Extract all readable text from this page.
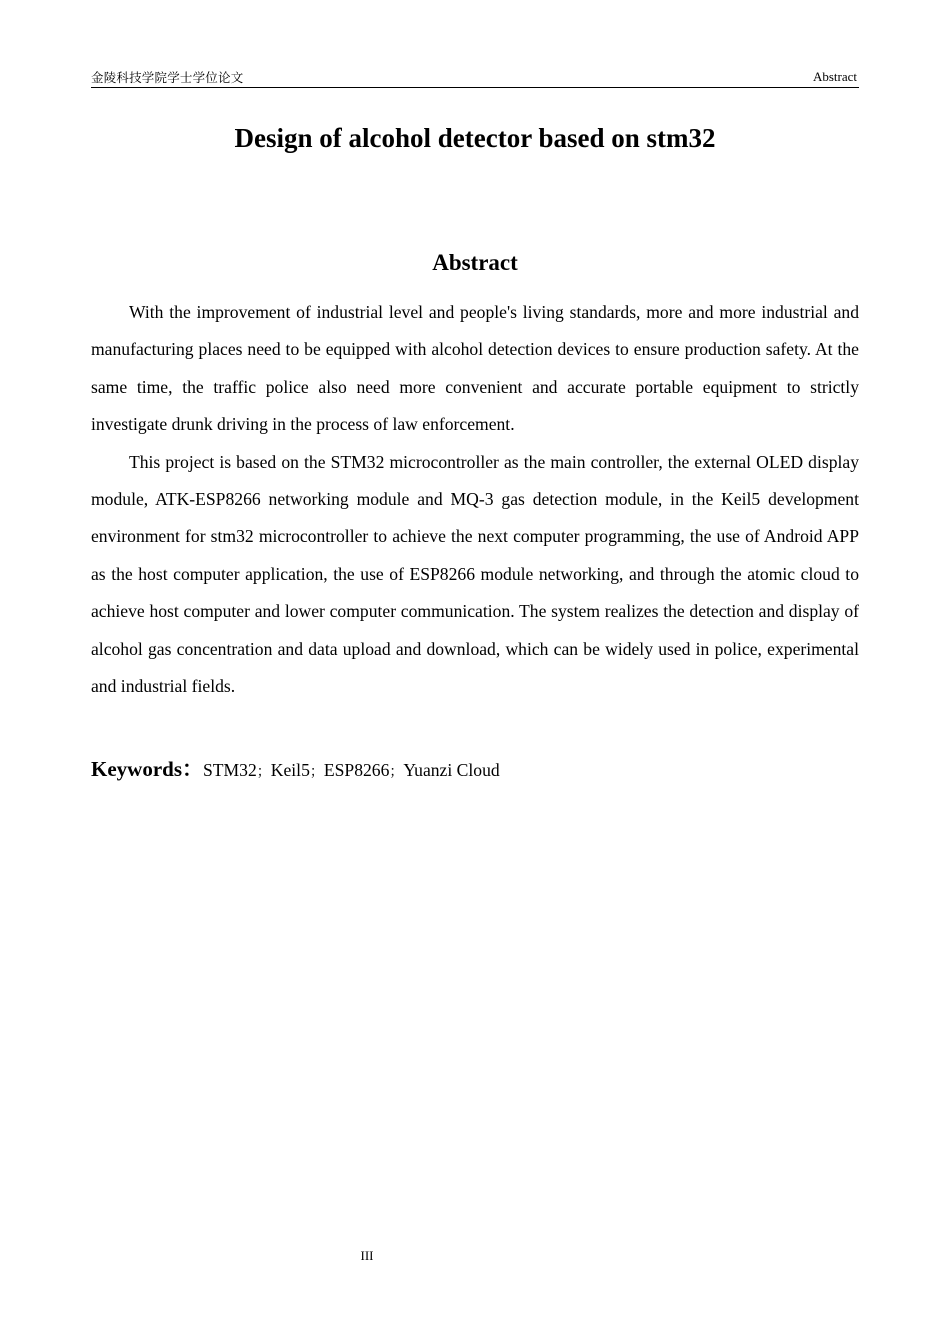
金陵科技学院学士学位论文	Abstract
Design of alcohol detector based on stm32
Abstract

With the improvement of industrial level and people's living standards, more and more industrial and manufacturing places need to be equipped with alcohol detection devices to ensure production safety. At the same time, the traffic police also need more convenient and accurate portable equipment to strictly investigate drunk driving in the process of law enforcement.

This project is based on the STM32 microcontroller as the main controller, the external OLED display module, ATK-ESP8266 networking module and MQ-3 gas detection module, in the Keil5 development environment for stm32 microcontroller to achieve the next computer programming, the use of Android APP as the host computer application, the use of ESP8266 module networking, and through the atomic cloud to achieve host computer and lower computer communication. The system realizes the detection and display of alcohol gas concentration and data upload and download, which can be widely used in police, experimental and industrial fields.

Keywords：STM32；Keil5；ESP8266；Yuanzi Cloud
III
